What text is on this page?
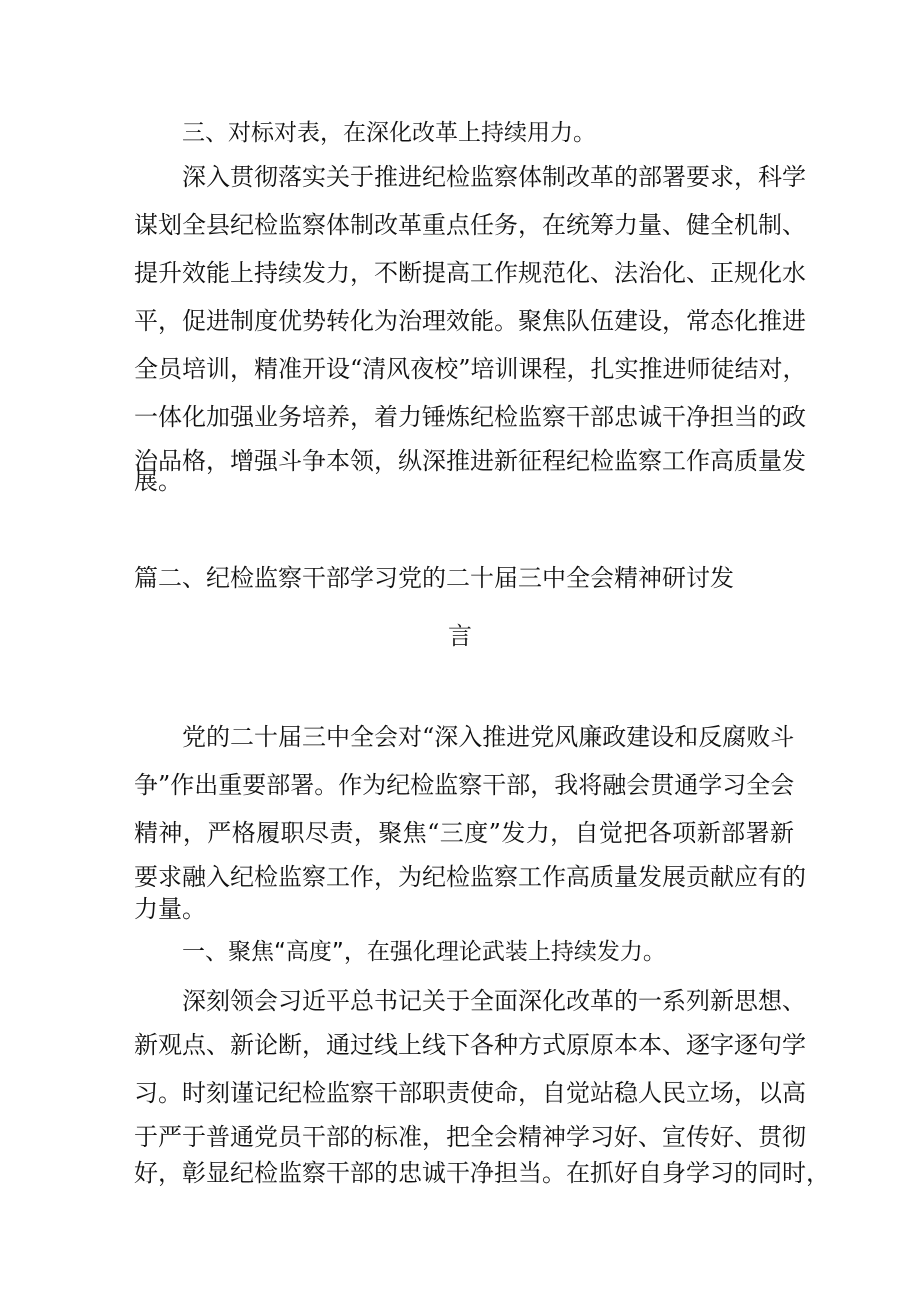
三、对标对表，在深化改革上持续用力。
深入贯彻落实关于推进纪检监察体制改革的部署要求，科学
谋划全县纪检监察体制改革重点任务，在统筹力量、健全机制、
提升效能上持续发力，不断提高工作规范化、法治化、正规化水
平，促进制度优势转化为治理效能。聚焦队伍建设，常态化推进
全员培训，精准开设“清风夜校”培训课程，扎实推进师徒结对，
一体化加强业务培养，着力锤炼纪检监察干部忠诚干净担当的政
治品格，增强斗争本领，纵深推进新征程纪检监察工作高质量发
展。
篇二、纪检监察干部学习党的二十届三中全会精神研讨发
言
党的二十届三中全会对“深入推进党风廉政建设和反腐败斗
争”作出重要部署。作为纪检监察干部，我将融会贯通学习全会
精神，严格履职尽责，聚焦“三度”发力，自觉把各项新部署新
要求融入纪检监察工作，为纪检监察工作高质量发展贡献应有的
力量。
一、聚焦“高度”，在强化理论武装上持续发力。
深刻领会习近平总书记关于全面深化改革的一系列新思想、
新观点、新论断，通过线上线下各种方式原原本本、逐字逐句学
习。时刻谨记纪检监察干部职责使命，自觉站稳人民立场，以高
于严于普通党员干部的标准，把全会精神学习好、宣传好、贯彻
好，彰显纪检监察干部的忠诚干净担当。在抓好自身学习的同时，
